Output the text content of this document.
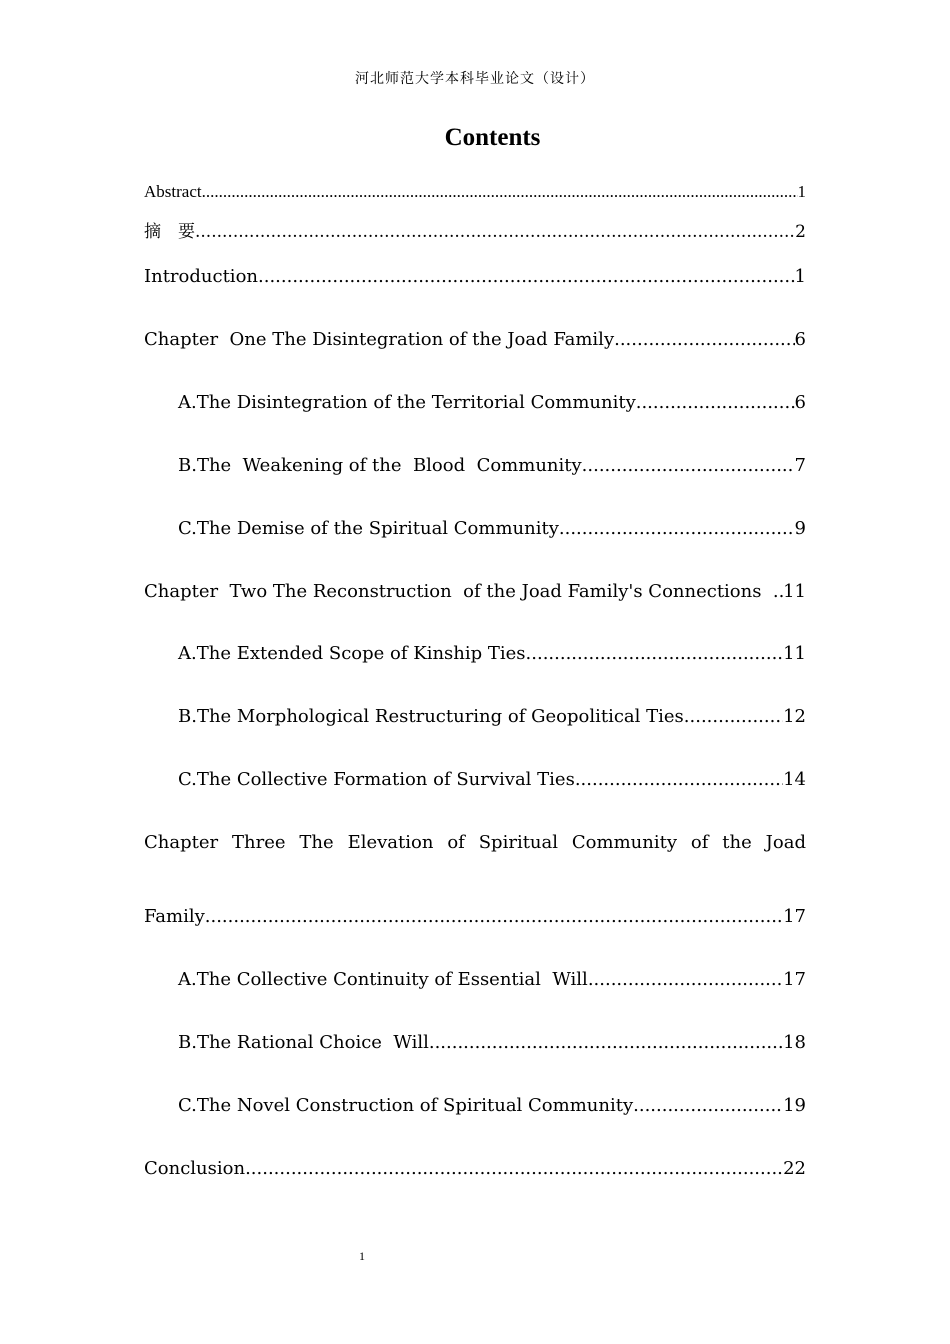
河北师范大学本科毕业论文（设计）
Contents
Abstract .....	1
摘　要 .....	2
Introduction .....	1
Chapter  One The Disintegration of the Joad Family .....	6
A.The Disintegration of the Territorial Community .....	6
B.The  Weakening of the  Blood  Community .....	7
C.The Demise of the Spiritual Community .....	9
Chapter  Two The Reconstruction  of the Joad Family's Connections ..... 11
A.The Extended Scope of Kinship Ties .....	11
B.The Morphological Restructuring of Geopolitical Ties .....	12
C.The Collective Formation of Survival Ties .....	14
Chapter Three The Elevation of Spiritual Community of the Joad
Family .....	17
A.The Collective Continuity of Essential  Will .....	17
B.The Rational Choice  Will .....	18
C.The Novel Construction of Spiritual Community .....	19
Conclusion .....	22
1
